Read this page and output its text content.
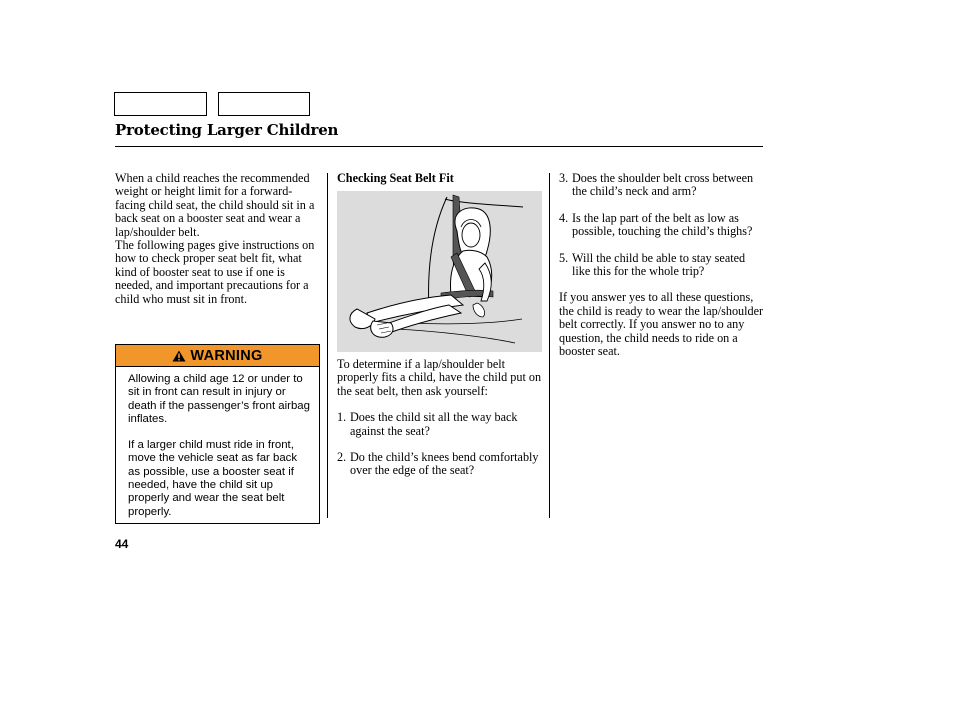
Protecting Larger Children

When a child reaches the recommended weight or height limit for a forward-facing child seat, the child should sit in a back seat on a booster seat and wear a lap/shoulder belt.

The following pages give instructions on how to check proper seat belt fit, what kind of booster seat to use if one is needed, and important precautions for a child who must sit in front.

WARNING

Allowing a child age 12 or under to sit in front can result in injury or death if the passenger’s front airbag inflates.

If a larger child must ride in front, move the vehicle seat as far back as possible, use a booster seat if needed, have the child sit up properly and wear the seat belt properly.

Checking Seat Belt Fit

To determine if a lap/shoulder belt properly fits a child, have the child put on the seat belt, then ask yourself:

1. Does the child sit all the way back against the seat?
2. Do the child’s knees bend comfortably over the edge of the seat?
3. Does the shoulder belt cross between the child’s neck and arm?
4. Is the lap part of the belt as low as possible, touching the child’s thighs?
5. Will the child be able to stay seated like this for the whole trip?

If you answer yes to all these questions, the child is ready to wear the lap/shoulder belt correctly. If you answer no to any question, the child needs to ride on a booster seat.

44
